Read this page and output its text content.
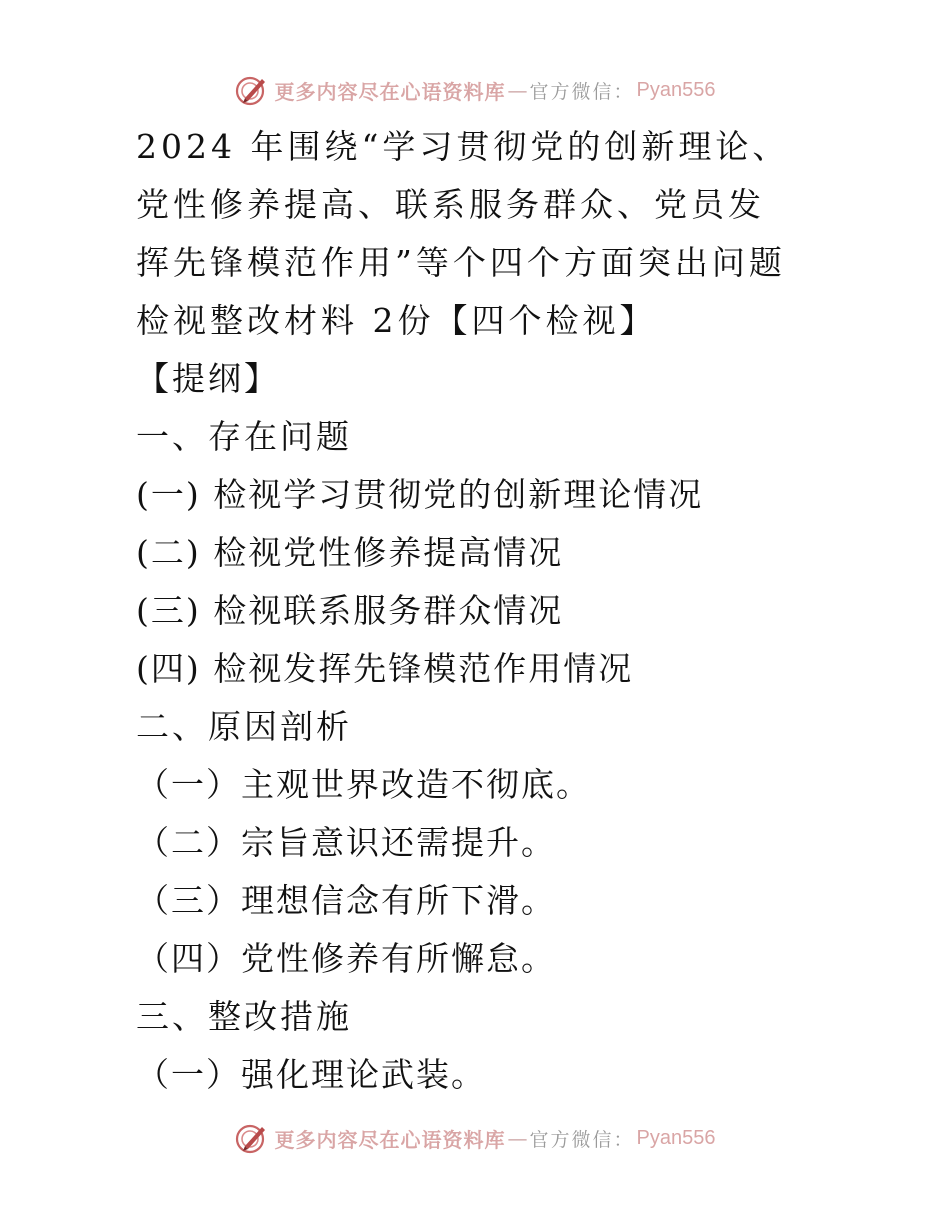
更多内容尽在心语资料库 — 官方微信： Pyan556

2024 年围绕“学习贯彻党的创新理论、党性修养提高、联系服务群众、党员发挥先锋模范作用”等个四个方面突出问题检视整改材料 2份【四个检视】

【提纲】

一、存在问题

(一) 检视学习贯彻党的创新理论情况

(二) 检视党性修养提高情况

(三) 检视联系服务群众情况

(四) 检视发挥先锋模范作用情况

二、原因剖析

（一）主观世界改造不彻底。

（二）宗旨意识还需提升。

（三）理想信念有所下滑。

（四）党性修养有所懈怠。

三、整改措施

（一）强化理论武装。

更多内容尽在心语资料库 — 官方微信： Pyan556
